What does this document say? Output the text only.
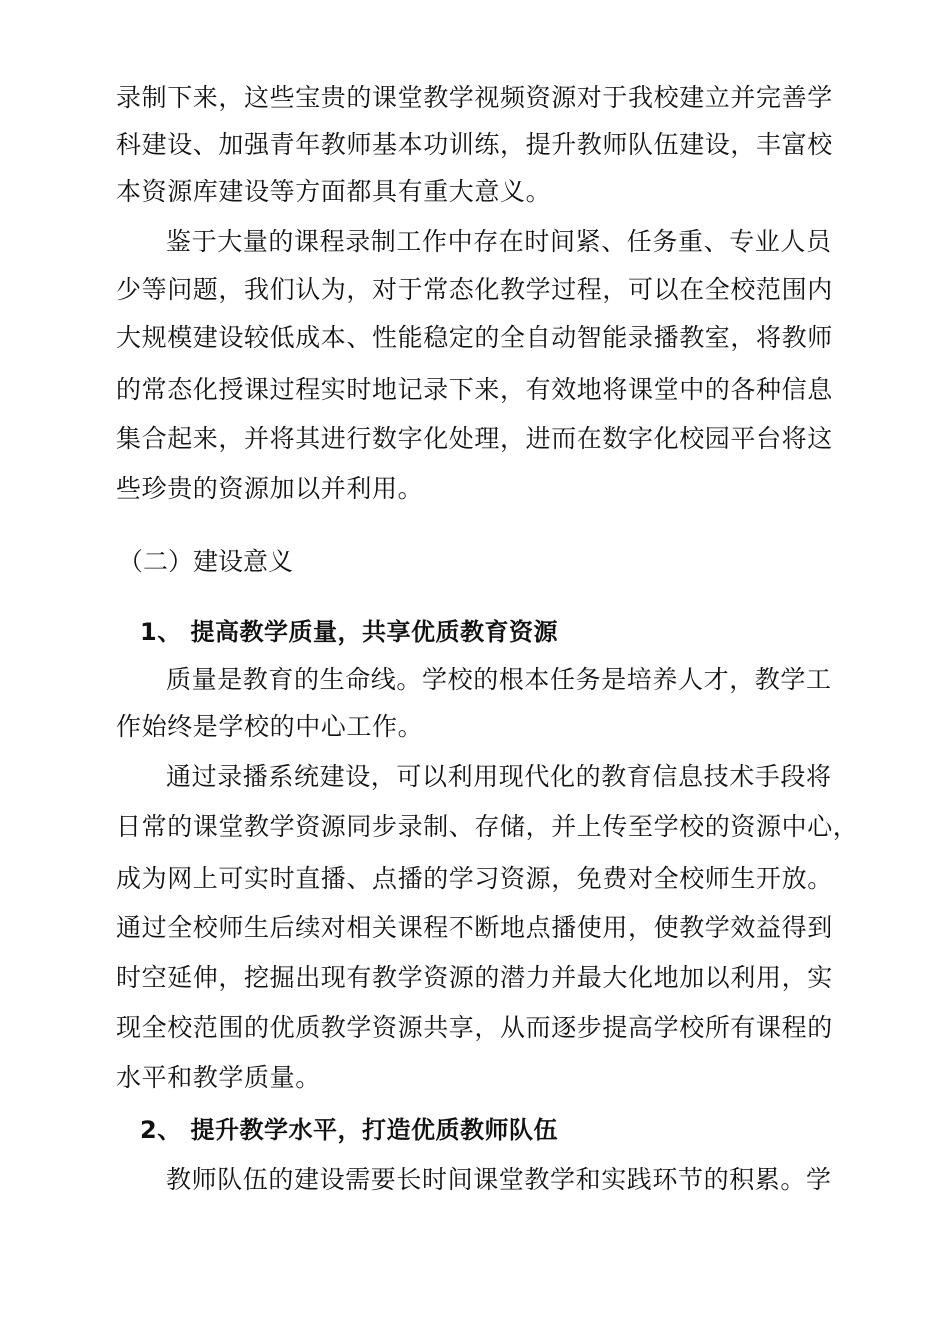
录制下来，这些宝贵的课堂教学视频资源对于我校建立并完善学
科建设、加强青年教师基本功训练，提升教师队伍建设，丰富校
本资源库建设等方面都具有重大意义。
鉴于大量的课程录制工作中存在时间紧、任务重、专业人员
少等问题，我们认为，对于常态化教学过程，可以在全校范围内
大规模建设较低成本、性能稳定的全自动智能录播教室，将教师
的常态化授课过程实时地记录下来，有效地将课堂中的各种信息
集合起来，并将其进行数字化处理，进而在数字化校园平台将这
些珍贵的资源加以并利用。
（二）建设意义
1、 提高教学质量，共享优质教育资源
质量是教育的生命线。学校的根本任务是培养人才，教学工
作始终是学校的中心工作。
通过录播系统建设，可以利用现代化的教育信息技术手段将
日常的课堂教学资源同步录制、存储，并上传至学校的资源中心，
成为网上可实时直播、点播的学习资源，免费对全校师生开放。
通过全校师生后续对相关课程不断地点播使用，使教学效益得到
时空延伸，挖掘出现有教学资源的潜力并最大化地加以利用，实
现全校范围的优质教学资源共享，从而逐步提高学校所有课程的
水平和教学质量。
2、 提升教学水平，打造优质教师队伍
教师队伍的建设需要长时间课堂教学和实践环节的积累。学
